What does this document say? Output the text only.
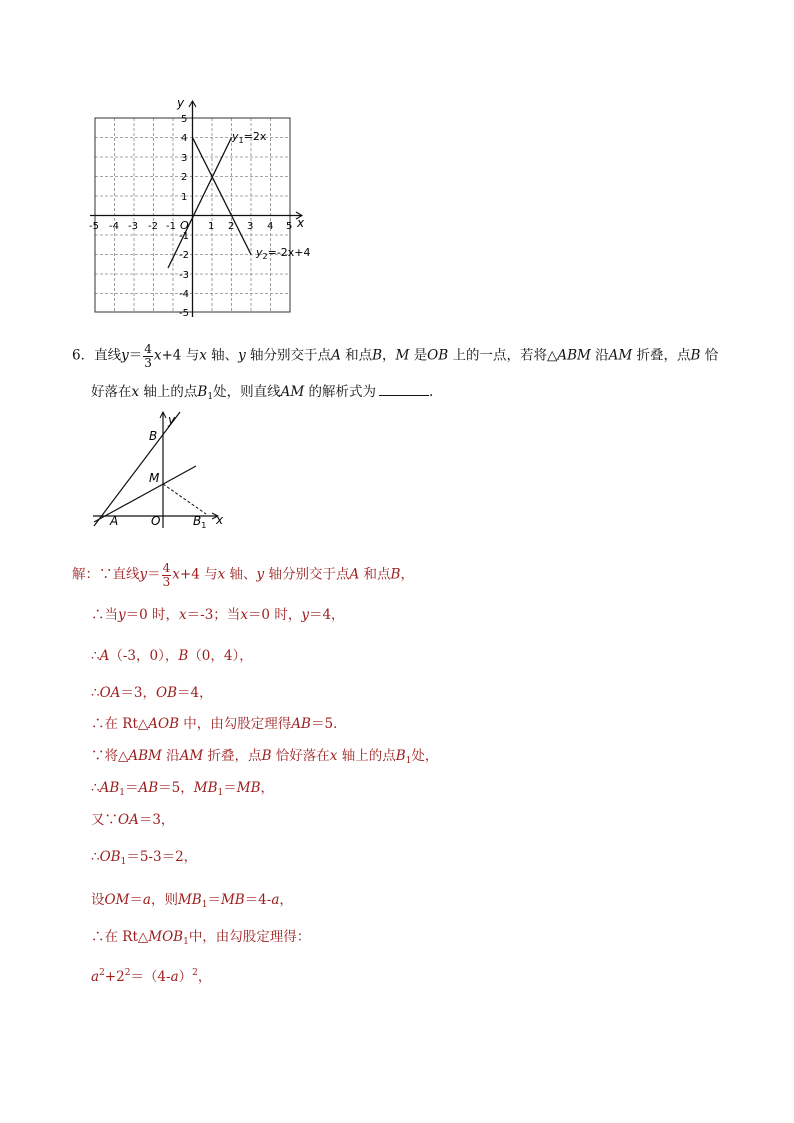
y
x
O
-5 -4 -3 -2 -1	1 2 3 4 5
5
4
3
2
1
-1
-2
-3
-4
-5
$y_1=2x$
$y_2=-2x+4$
6．直线$y= \frac{4}{3} x+4$ 与x 轴、y 轴分别交于点A 和点B，M 是OB 上的一点，若将△ABM 沿AM 折叠，点B 恰
好落在x 轴上的点$B_1$处，则直线AM 的解析式为	.
y
x
B
M
A	O	$B_1$
解：∵直线$y= \frac{4}{3} x+4$ 与x 轴、y 轴分别交于点A 和点B，
∴当y＝0 时，x＝-3；当x＝0 时，y＝4，
∴A（-3，0），B（0，4），
∴OA＝3，OB＝4，
∴在 Rt△AOB 中，由勾股定理得AB＝5．
∵将△ABM 沿AM 折叠，点B 恰好落在x 轴上的点$B_1$处，
$\therefore AB_1=AB=5$，$MB_1=MB$，
又∵OA＝3，
$\therefore OB_1=5-3=2$，
设OM＝a，则$MB_1=MB=4-a$，
∴在 $Rt\triangle MOB_1$中，由勾股定理得：
$a^2+2^2=(4-a)^2$，
